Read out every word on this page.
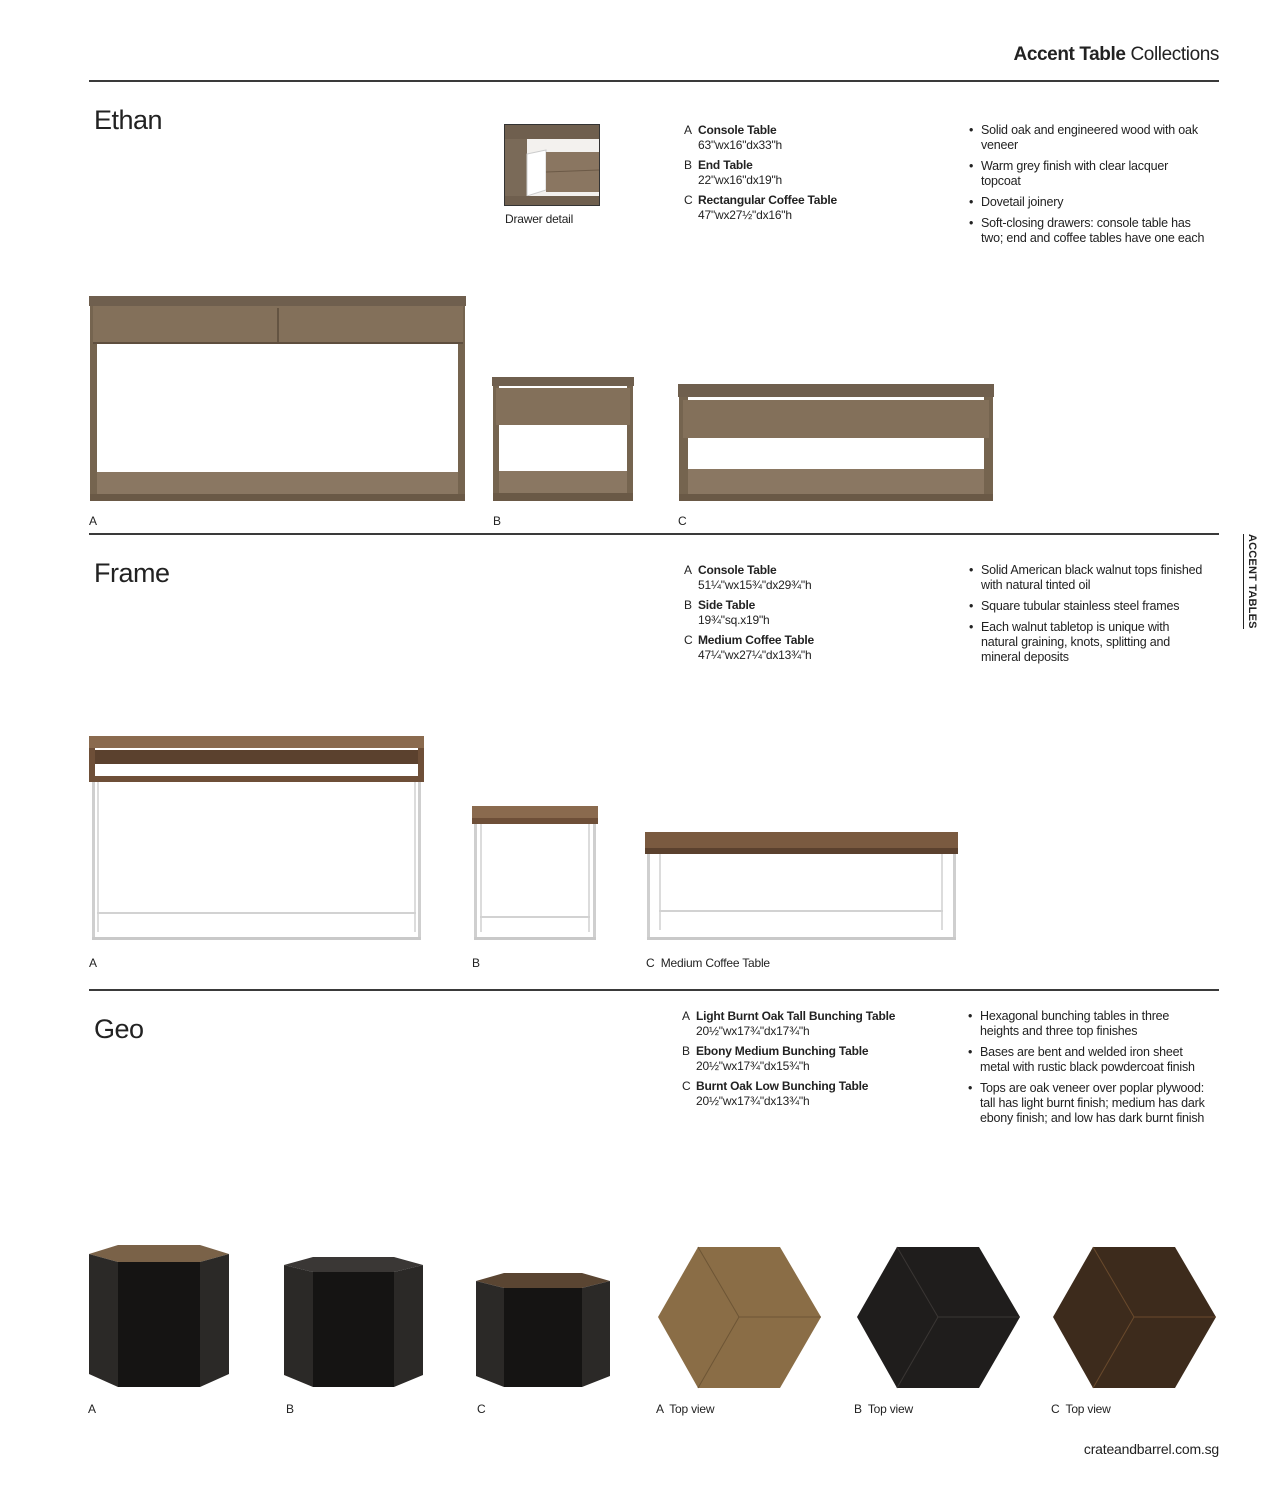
Accent Table Collections
Ethan
Drawer detail
A Console Table
63"wx16"dx33"h
B End Table
22"wx16"dx19"h
C Rectangular Coffee Table
47"wx27½"dx16"h
• Solid oak and engineered wood with oak veneer
• Warm grey finish with clear lacquer topcoat
• Dovetail joinery
• Soft-closing drawers: console table has two; end and coffee tables have one each
A	B	C
ACCENT TABLES
Frame	A Console Table
51¼"wx15¾"dx29¾"h
B Side Table
19¾"sq.x19"h
C Medium Coffee Table
47¼"wx27¼"dx13¾"h
• Solid American black walnut tops finished with natural tinted oil
• Square tubular stainless steel frames
• Each walnut tabletop is unique with natural graining, knots, splitting and mineral deposits
A	B	C  Medium Coffee Table
Geo	A Light Burnt Oak Tall Bunching Table
20½"wx17¾"dx17¾"h
B Ebony Medium Bunching Table
20½"wx17¾"dx15¾"h
C Burnt Oak Low Bunching Table
20½"wx17¾"dx13¾"h
• Hexagonal bunching tables in three heights and three top finishes
• Bases are bent and welded iron sheet metal with rustic black powdercoat finish
• Tops are oak veneer over poplar plywood: tall has light burnt finish; medium has dark ebony finish; and low has dark burnt finish
A	B	C	A  Top view	B  Top view	C  Top view
crateandbarrel.com.sg
